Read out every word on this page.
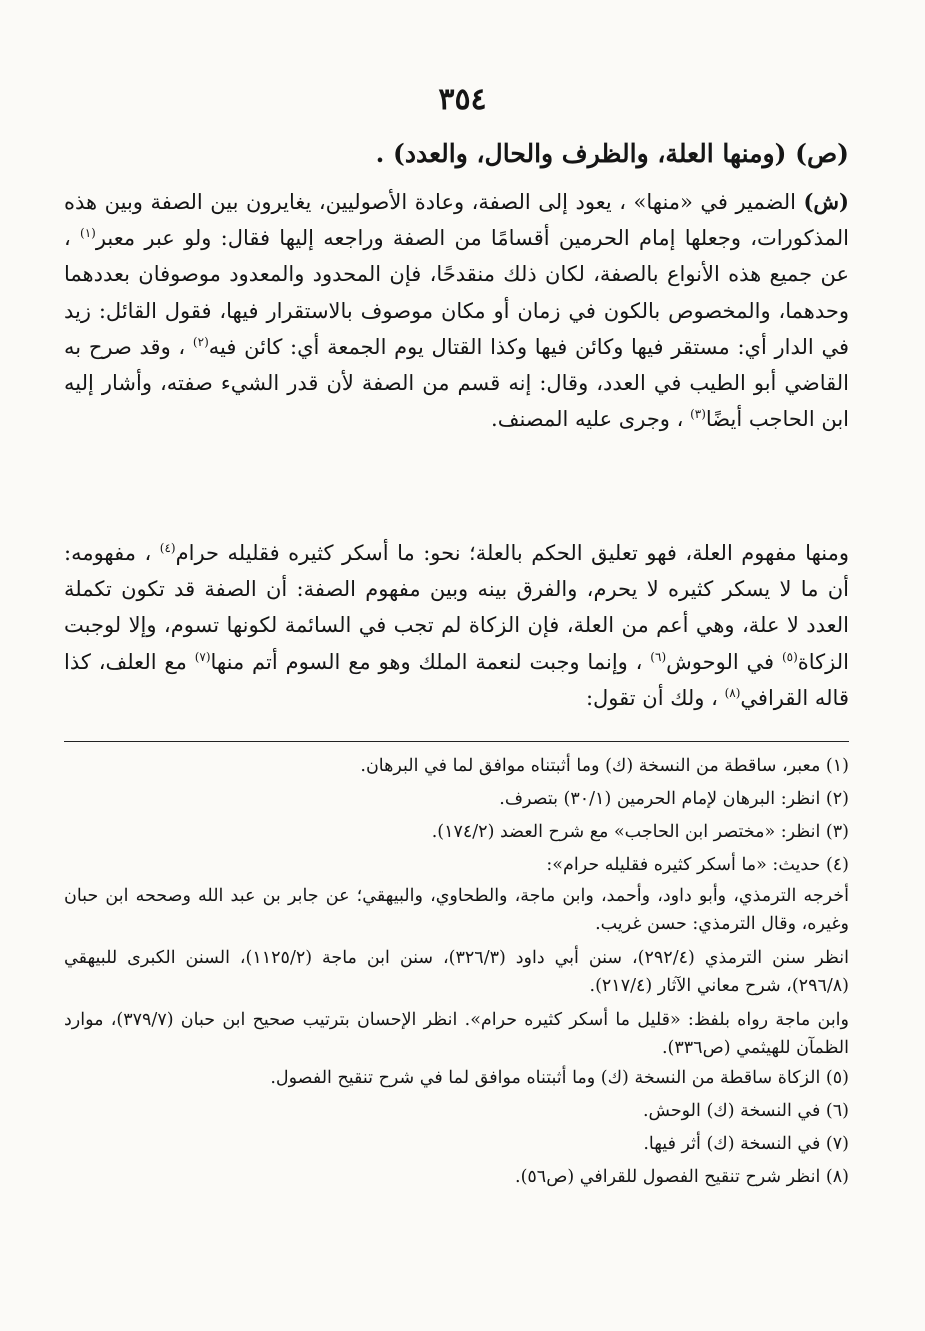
٣٥٤
(ص) (ومنها العلة، والظرف والحال، والعدد) .
(ش) الضمير في «منها» ، يعود إلى الصفة، وعادة الأصوليين، يغايرون بين الصفة وبين هذه المذكورات، وجعلها إمام الحرمين أقسامًا من الصفة وراجعه إليها فقال: ولو عبر معبر$^{(١)}$ ، عن جميع هذه الأنواع بالصفة، لكان ذلك منقدحًا، فإن المحدود والمعدود موصوفان بعددهما وحدهما، والمخصوص بالكون في زمان أو مكان موصوف بالاستقرار فيها، فقول القائل: زيد في الدار أي: مستقر فيها وكائن فيها وكذا القتال يوم الجمعة أي: كائن فيه$^{(٢)}$ ، وقد صرح به القاضي أبو الطيب في العدد، وقال: إنه قسم من الصفة لأن قدر الشيء صفته، وأشار إليه ابن الحاجب أيضًا$^{(٣)}$ ، وجرى عليه المصنف.
ومنها مفهوم العلة، فهو تعليق الحكم بالعلة؛ نحو: ما أسكر كثيره فقليله حرام$^{(٤)}$ ، مفهومه: أن ما لا يسكر كثيره لا يحرم، والفرق بينه وبين مفهوم الصفة: أن الصفة قد تكون تكملة العدد لا علة، وهي أعم من العلة، فإن الزكاة لم تجب في السائمة لكونها تسوم، وإلا لوجبت الزكاة$^{(٥)}$ في الوحوش$^{(٦)}$ ، وإنما وجبت لنعمة الملك وهو مع السوم أتم منها$^{(٧)}$ مع العلف، كذا قاله القرافي$^{(٨)}$ ، ولك أن تقول:

(١) معبر، ساقطة من النسخة (ك) وما أثبتناه موافق لما في البرهان.

(٢) انظر: البرهان لإمام الحرمين (٣٠/١) بتصرف.

(٣) انظر: «مختصر ابن الحاجب» مع شرح العضد (١٧٤/٢).

(٤) حديث: «ما أسكر كثيره فقليله حرام»:

أخرجه الترمذي، وأبو داود، وأحمد، وابن ماجة، والطحاوي، والبيهقي؛ عن جابر بن عبد الله وصححه ابن حبان وغيره، وقال الترمذي: حسن غريب.

انظر سنن الترمذي (٢٩٢/٤)، سنن أبي داود (٣٢٦/٣)، سنن ابن ماجة (١١٢٥/٢)، السنن الكبرى للبيهقي (٢٩٦/٨)، شرح معاني الآثار (٢١٧/٤).

وابن ماجة رواه بلفظ: «قليل ما أسكر كثيره حرام». انظر الإحسان بترتيب صحيح ابن حبان (٣٧٩/٧)، موارد الظمآن للهيثمي (ص٣٣٦).

(٥) الزكاة ساقطة من النسخة (ك) وما أثبتناه موافق لما في شرح تنقيح الفصول.

(٦) في النسخة (ك) الوحش.

(٧) في النسخة (ك) أثر فيها.

(٨) انظر شرح تنقيح الفصول للقرافي (ص٥٦).
